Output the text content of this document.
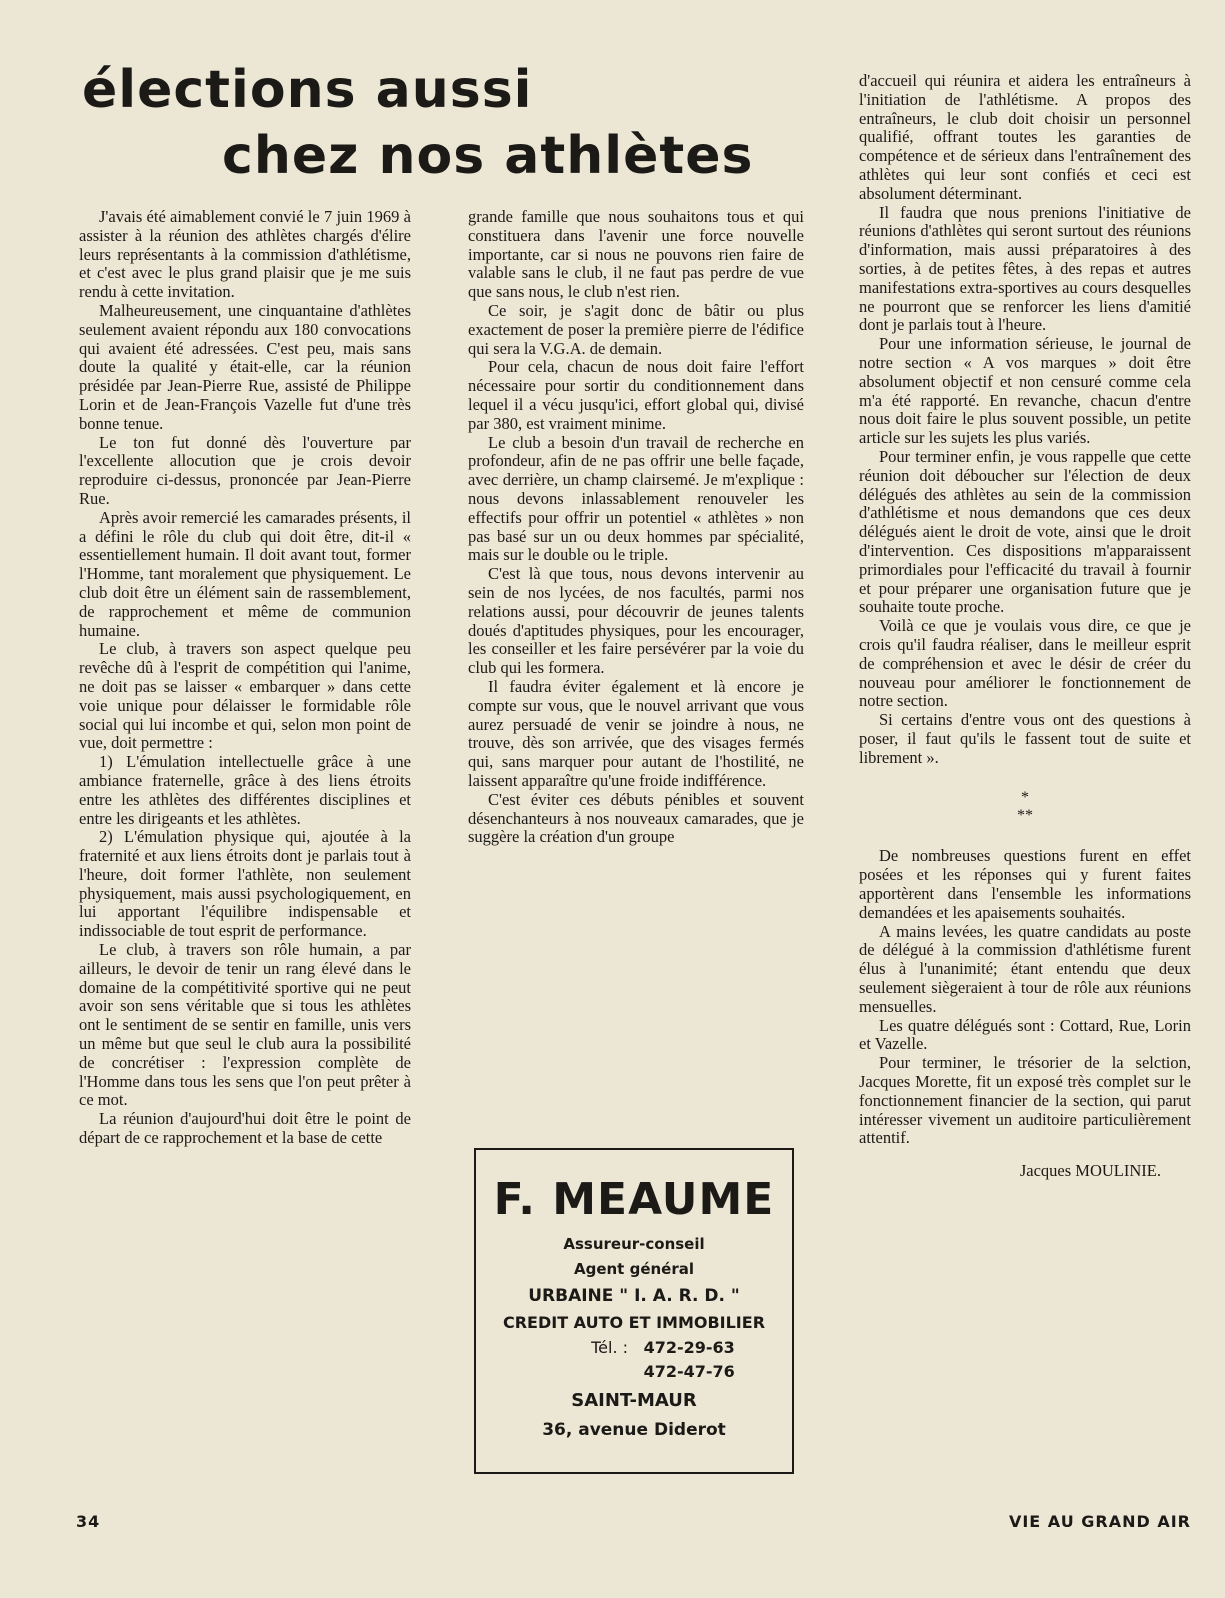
élections aussi
chez nos athlètes

J'avais été aimablement convié le 7 juin 1969 à assister à la réunion des athlètes chargés d'élire leurs représentants à la commission d'athlétisme, et c'est avec le plus grand plaisir que je me suis rendu à cette invitation.

Malheureusement, une cinquantaine d'athlètes seulement avaient répondu aux 180 convocations qui avaient été adressées. C'est peu, mais sans doute la qualité y était-elle, car la réunion présidée par Jean-Pierre Rue, assisté de Philippe Lorin et de Jean-François Vazelle fut d'une très bonne tenue.

Le ton fut donné dès l'ouverture par l'excellente allocution que je crois devoir reproduire ci-dessus, prononcée par Jean-Pierre Rue.

Après avoir remercié les camarades présents, il a défini le rôle du club qui doit être, dit-il « essentiellement humain. Il doit avant tout, former l'Homme, tant moralement que physiquement. Le club doit être un élément sain de rassemblement, de rapprochement et même de communion humaine.

Le club, à travers son aspect quelque peu revêche dû à l'esprit de compétition qui l'anime, ne doit pas se laisser « embarquer » dans cette voie unique pour délaisser le formidable rôle social qui lui incombe et qui, selon mon point de vue, doit permettre :

1) L'émulation intellectuelle grâce à une ambiance fraternelle, grâce à des liens étroits entre les athlètes des différentes disciplines et entre les dirigeants et les athlètes.

2) L'émulation physique qui, ajoutée à la fraternité et aux liens étroits dont je parlais tout à l'heure, doit former l'athlète, non seulement physiquement, mais aussi psychologiquement, en lui apportant l'équilibre indispensable et indissociable de tout esprit de performance.

Le club, à travers son rôle humain, a par ailleurs, le devoir de tenir un rang élevé dans le domaine de la compétitivité sportive qui ne peut avoir son sens véritable que si tous les athlètes ont le sentiment de se sentir en famille, unis vers un même but que seul le club aura la possibilité de concrétiser : l'expression complète de l'Homme dans tous les sens que l'on peut prêter à ce mot.

La réunion d'aujourd'hui doit être le point de départ de ce rapprochement et la base de cette

grande famille que nous souhaitons tous et qui constituera dans l'avenir une force nouvelle importante, car si nous ne pouvons rien faire de valable sans le club, il ne faut pas perdre de vue que sans nous, le club n'est rien.

Ce soir, je s'agit donc de bâtir ou plus exactement de poser la première pierre de l'édifice qui sera la V.G.A. de demain.

Pour cela, chacun de nous doit faire l'effort nécessaire pour sortir du conditionnement dans lequel il a vécu jusqu'ici, effort global qui, divisé par 380, est vraiment minime.

Le club a besoin d'un travail de recherche en profondeur, afin de ne pas offrir une belle façade, avec derrière, un champ clairsemé. Je m'explique : nous devons inlassablement renouveler les effectifs pour offrir un potentiel « athlètes » non pas basé sur un ou deux hommes par spécialité, mais sur le double ou le triple.

C'est là que tous, nous devons intervenir au sein de nos lycées, de nos facultés, parmi nos relations aussi, pour découvrir de jeunes talents doués d'aptitudes physiques, pour les encourager, les conseiller et les faire persévérer par la voie du club qui les formera.

Il faudra éviter également et là encore je compte sur vous, que le nouvel arrivant que vous aurez persuadé de venir se joindre à nous, ne trouve, dès son arrivée, que des visages fermés qui, sans marquer pour autant de l'hostilité, ne laissent apparaître qu'une froide indifférence.

C'est éviter ces débuts pénibles et souvent désenchanteurs à nos nouveaux camarades, que je suggère la création d'un groupe

F. MEAUME
Assureur-conseil
Agent général
URBAINE " I. A. R. D. "
CREDIT AUTO ET IMMOBILIER
Tél. : 472-29-63
472-47-76
SAINT-MAUR
36, avenue Diderot

d'accueil qui réunira et aidera les entraîneurs à l'initiation de l'athlétisme. A propos des entraîneurs, le club doit choisir un personnel qualifié, offrant toutes les garanties de compétence et de sérieux dans l'entraînement des athlètes qui leur sont confiés et ceci est absolument déterminant.

Il faudra que nous prenions l'initiative de réunions d'athlètes qui seront surtout des réunions d'information, mais aussi préparatoires à des sorties, à de petites fêtes, à des repas et autres manifestations extra-sportives au cours desquelles ne pourront que se renforcer les liens d'amitié dont je parlais tout à l'heure.

Pour une information sérieuse, le journal de notre section « A vos marques » doit être absolument objectif et non censuré comme cela m'a été rapporté. En revanche, chacun d'entre nous doit faire le plus souvent possible, un petite article sur les sujets les plus variés.

Pour terminer enfin, je vous rappelle que cette réunion doit déboucher sur l'élection de deux délégués des athlètes au sein de la commission d'athlétisme et nous demandons que ces deux délégués aient le droit de vote, ainsi que le droit d'intervention. Ces dispositions m'apparaissent primordiales pour l'efficacité du travail à fournir et pour préparer une organisation future que je souhaite toute proche.

Voilà ce que je voulais vous dire, ce que je crois qu'il faudra réaliser, dans le meilleur esprit de compréhension et avec le désir de créer du nouveau pour améliorer le fonctionnement de notre section.

Si certains d'entre vous ont des questions à poser, il faut qu'ils le fassent tout de suite et librement ».

*
**

De nombreuses questions furent en effet posées et les réponses qui y furent faites apportèrent dans l'ensemble les informations demandées et les apaisements souhaités.

A mains levées, les quatre candidats au poste de délégué à la commission d'athlétisme furent élus à l'unanimité; étant entendu que deux seulement siègeraient à tour de rôle aux réunions mensuelles.

Les quatre délégués sont : Cottard, Rue, Lorin et Vazelle.

Pour terminer, le trésorier de la selction, Jacques Morette, fit un exposé très complet sur le fonctionnement financier de la section, qui parut intéresser vivement un auditoire particulièrement attentif.

Jacques MOULINIE.
34	VIE AU GRAND AIR
